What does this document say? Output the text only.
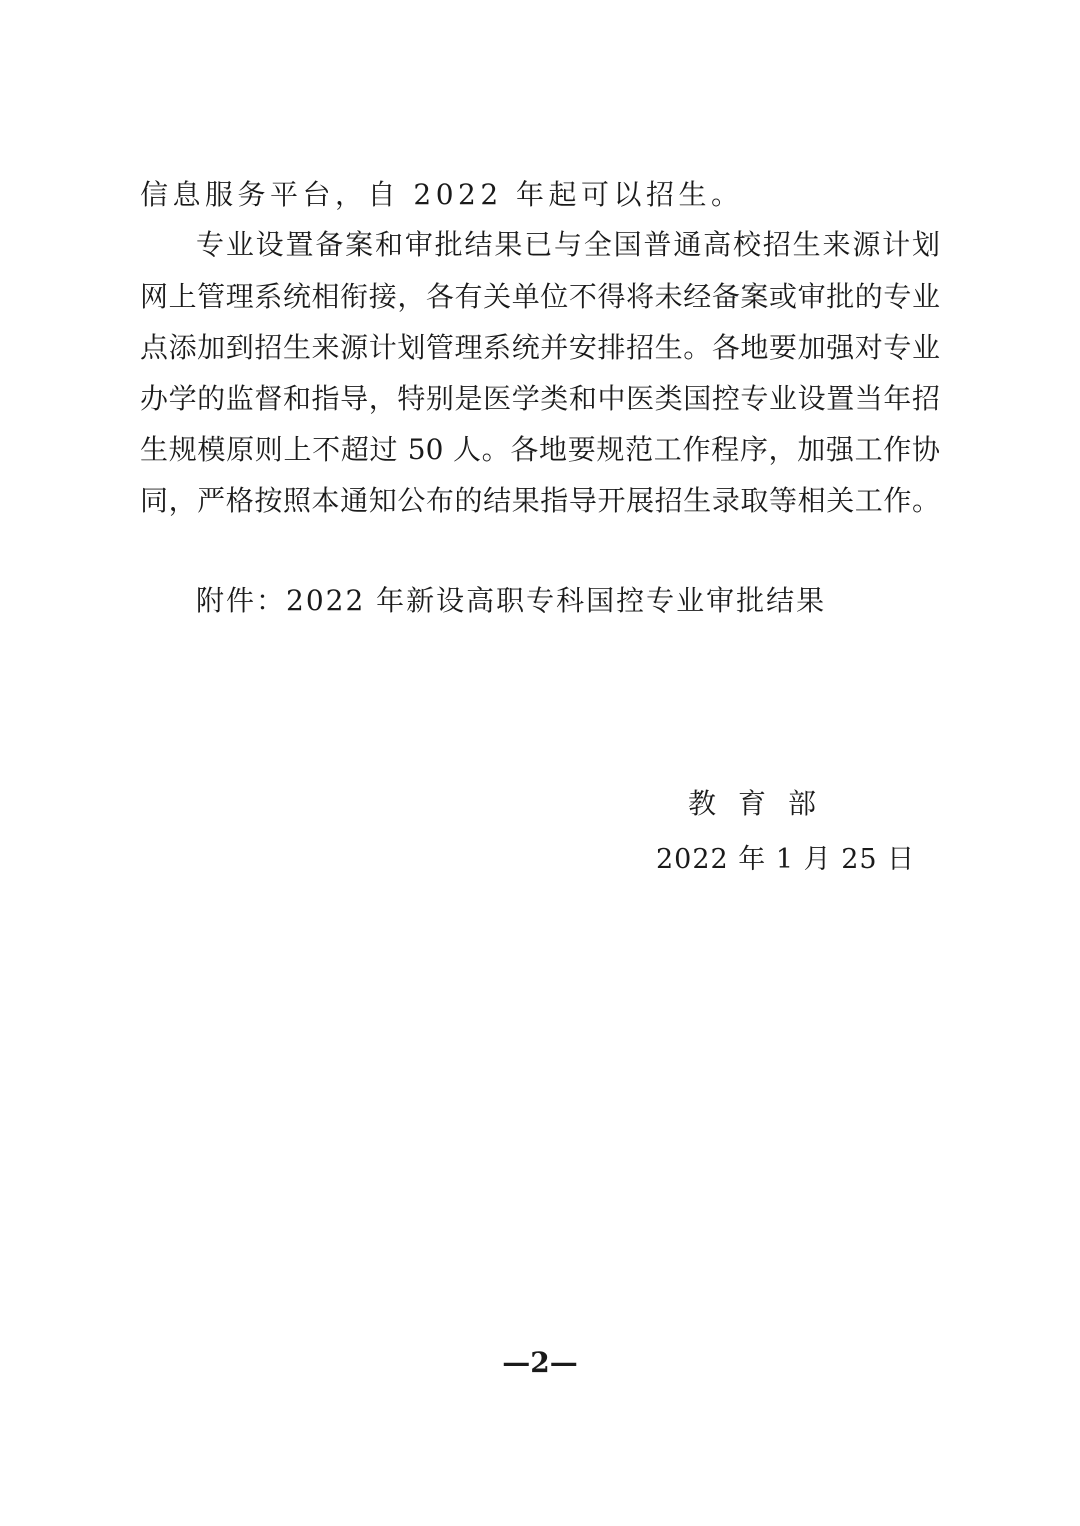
信息服务平台，自 2022 年起可以招生。
专业设置备案和审批结果已与全国普通高校招生来源计划
网上管理系统相衔接，各有关单位不得将未经备案或审批的专业
点添加到招生来源计划管理系统并安排招生。各地要加强对专业
办学的监督和指导，特别是医学类和中医类国控专业设置当年招
生规模原则上不超过 50 人。各地要规范工作程序，加强工作协
同，严格按照本通知公布的结果指导开展招生录取等相关工作。
附件：2022 年新设高职专科国控专业审批结果
教育部
2022 年 1 月 25 日
—2—
